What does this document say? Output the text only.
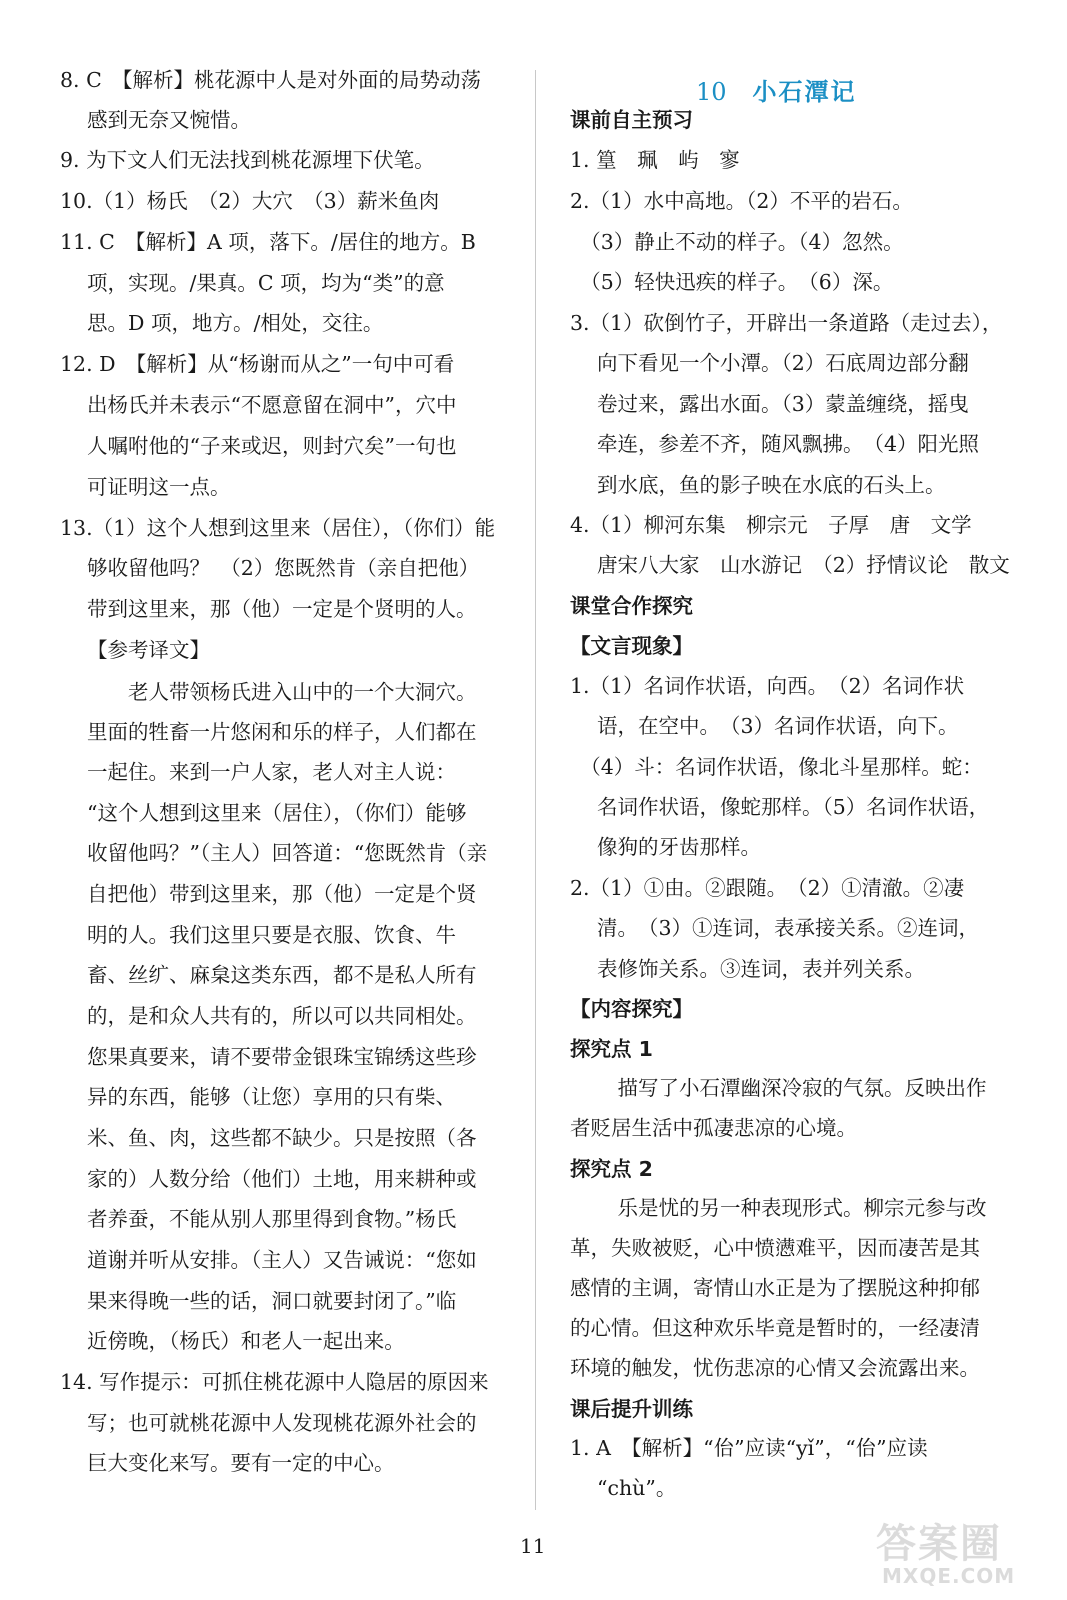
10 小石潭记
8. C　【解析】桃花源中人是对外面的局势动荡
　 感到无奈又惋惜。
9. 为下文人们无法找到桃花源埋下伏笔。
10.（1）杨氏　（2）大穴　（3）薪米鱼肉
11. C　【解析】A 项，落下。/居住的地方。B
　 项，实现。/果真。C 项，均为“类”的意
　 思。D 项，地方。/相处，交往。
12. D　【解析】从“杨谢而从之”一句中可看
　 出杨氏并未表示“不愿意留在洞中”，穴中
　 人嘱咐他的“子来或迟，则封穴矣”一句也
　 可证明这一点。
13.（1）这个人想到这里来（居住），（你们）能
　 够收留他吗？　（2）您既然肯（亲自把他）
　 带到这里来，那（他）一定是个贤明的人。
　 【参考译文】
　　　 老人带领杨氏进入山中的一个大洞穴。
　 里面的牲畜一片悠闲和乐的样子，人们都在
　 一起住。来到一户人家，老人对主人说：
　 “这个人想到这里来（居住），（你们）能够
　 收留他吗？”（主人）回答道：“您既然肯（亲
　 自把他）带到这里来，那（他）一定是个贤
　 明的人。我们这里只要是衣服、饮食、牛
　 畜、丝纩、麻枲这类东西，都不是私人所有
　 的，是和众人共有的，所以可以共同相处。
　 您果真要来，请不要带金银珠宝锦绣这些珍
　 异的东西，能够（让您）享用的只有柴、
　 米、鱼、肉，这些都不缺少。只是按照（各
　 家的）人数分给（他们）土地，用来耕种或
　 者养蚕，不能从别人那里得到食物。”杨氏
　 道谢并听从安排。（主人）又告诫说：“您如
　 果来得晚一些的话，洞口就要封闭了。”临
　 近傍晚，（杨氏）和老人一起出来。
14. 写作提示：可抓住桃花源中人隐居的原因来
　 写；也可就桃花源中人发现桃花源外社会的
　 巨大变化来写。要有一定的中心。
课前自主预习
1. 篁　珮　屿　寥
2.（1）水中高地。（2）不平的岩石。
　（3）静止不动的样子。（4）忽然。
　（5）轻快迅疾的样子。　（6）深。
3.（1）砍倒竹子，开辟出一条道路（走过去），
　 向下看见一个小潭。（2）石底周边部分翻
　 卷过来，露出水面。（3）蒙盖缠绕，摇曳
　 牵连，参差不齐，随风飘拂。　（4）阳光照
　 到水底，鱼的影子映在水底的石头上。
4.（1）柳河东集　柳宗元　子厚　唐　文学
　 唐宋八大家　山水游记　（2）抒情议论　散文
课堂合作探究
【文言现象】
1.（1）名词作状语，向西。　（2）名词作状
　 语，在空中。　（3）名词作状语，向下。
　（4）斗：名词作状语，像北斗星那样。蛇：
　 名词作状语，像蛇那样。（5）名词作状语，
　 像狗的牙齿那样。
2.（1）①由。②跟随。　（2）①清澈。②凄
　 清。　（3）①连词，表承接关系。②连词，
　 表修饰关系。③连词，表并列关系。
【内容探究】
探究点 1
　　 描写了小石潭幽深冷寂的气氛。反映出作
者贬居生活中孤凄悲凉的心境。
探究点 2
　　 乐是忧的另一种表现形式。柳宗元参与改
革，失败被贬，心中愤懑难平，因而凄苦是其
感情的主调，寄情山水正是为了摆脱这种抑郁
的心情。但这种欢乐毕竟是暂时的，一经凄清
环境的触发，忧伤悲凉的心情又会流露出来。
课后提升训练
1. A　【解析】“佁”应读“yǐ”，“佁”应读
　 “chù”。
11	答案圈
MXQE.COM
